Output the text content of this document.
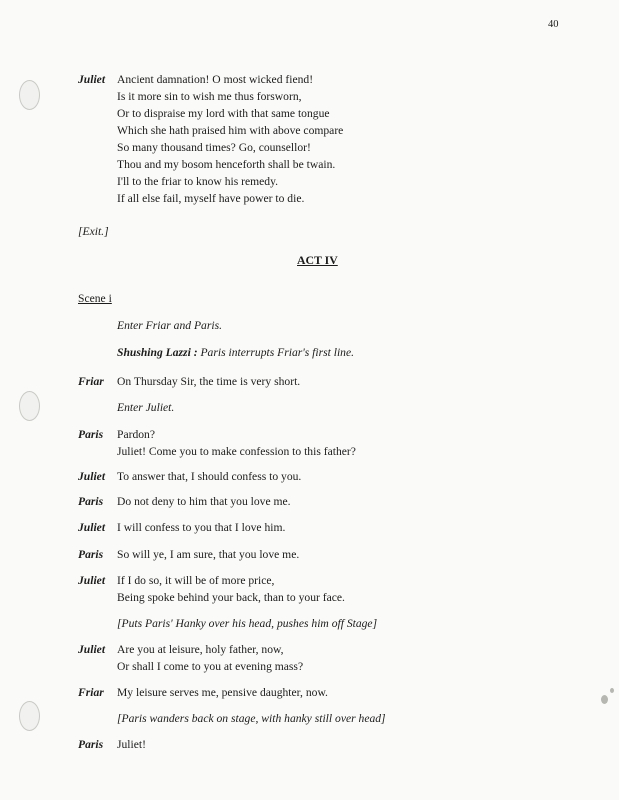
40
Juliet Ancient damnation! O most wicked fiend!
Is it more sin to wish me thus forsworn,
Or to dispraise my lord with that same tongue
Which she hath praised him with above compare
So many thousand times? Go, counsellor!
Thou and my bosom henceforth shall be twain.
I'll to the friar to know his remedy.
If all else fail, myself have power to die.
[Exit.]
ACT IV
Scene i
Enter Friar and Paris.
Shushing Lazzi : Paris interrupts Friar's first line.
Friar On Thursday Sir, the time is very short.
Enter Juliet.
Paris Pardon?
Juliet! Come you to make confession to this father?
Juliet To answer that, I should confess to you.
Paris Do not deny to him that you love me.
Juliet I will confess to you that I love him.
Paris So will ye, I am sure, that you love me.
Juliet If I do so, it will be of more price,
Being spoke behind your back, than to your face.
[Puts Paris' Hanky over his head, pushes him off Stage]
Juliet Are you at leisure, holy father, now,
Or shall I come to you at evening mass?
Friar My leisure serves me, pensive daughter, now.
[Paris wanders back on stage, with hanky still over head]
Paris Juliet!
